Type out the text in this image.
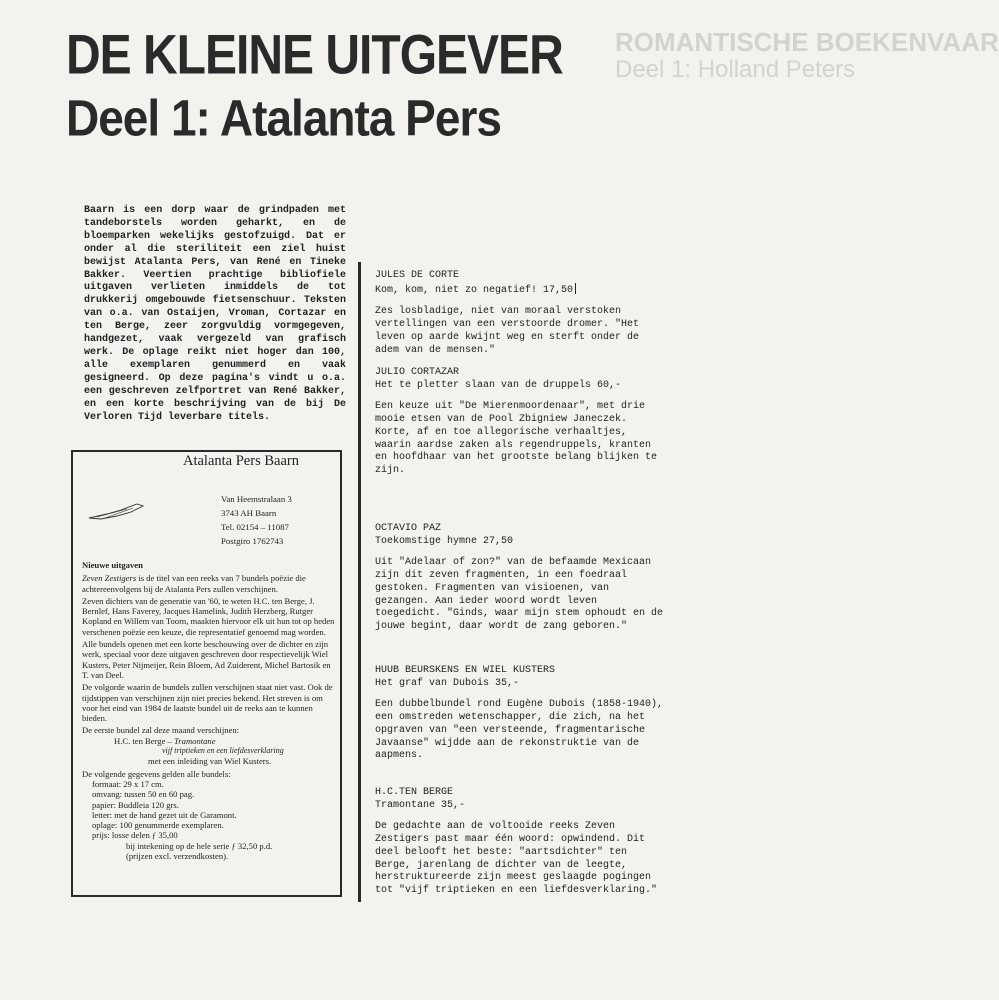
ROMANTISCHE BOEKENVAAR
Deel 1: Holland Peters
DE KLEINE UITGEVER
Deel 1: Atalanta Pers

Baarn is een dorp waar de grindpaden met tandeborstels worden geharkt, en de bloemparken wekelijks gestofzuigd. Dat er onder al die steriliteit een ziel huist bewijst Atalanta Pers, van René en Tineke Bakker. Veertien prachtige bibliofiele uitgaven verlieten inmiddels de tot drukkerij omgebouwde fietsenschuur. Teksten van o.a. van Ostaijen, Vroman, Cortazar en ten Berge, zeer zorgvuldig vormgegeven, handgezet, vaak vergezeld van grafisch werk. De oplage reikt niet hoger dan 100, alle exemplaren genummerd en vaak gesigneerd. Op deze pagina's vindt u o.a. een geschreven zelfportret van René Bakker, en een korte beschrijving van de bij De Verloren Tijd leverbare titels.

Atalanta Pers Baarn
Van Heemstralaan 3
3743 AH Baarn
Tel. 02154 – 11087
Postgiro 1762743

Nieuwe uitgaven

Zeven Zestigers is de titel van een reeks van 7 bundels poëzie die achtereenvolgens bij de Atalanta Pers zullen verschijnen.

Zeven dichters van de generatie van '60, te weten H.C. ten Berge, J. Bernlef, Hans Faverey, Jacques Hamelink, Judith Herzberg, Rutger Kopland en Willem van Toorn, maakten hiervoor elk uit hun tot op heden verschenen poëzie een keuze, die representatief genoemd mag worden.

Alle bundels openen met een korte beschouwing over de dichter en zijn werk, speciaal voor deze uitgaven geschreven door respectievelijk Wiel Kusters, Peter Nijmeijer, Rein Bloem, Ad Zuiderent, Michel Bartosik en T. van Deel.

De volgorde waarin de bundels zullen verschijnen staat niet vast. Ook de tijdstippen van verschijnen zijn niet precies bekend. Het streven is om voor het eind van 1984 de laatste bundel uit de reeks aan te kunnen bieden.

De eerste bundel zal deze maand verschijnen:

H.C. ten Berge – Tramontane

vijf triptieken en een liefdesverklaring

met een inleiding van Wiel Kusters.

De volgende gegevens gelden alle bundels:

formaat: 29 x 17 cm.
omvang: tussen 50 en 60 pag.
papier: Buddleia 120 grs.
letter: met de hand gezet uit de Garamont.
oplage: 100 genummerde exemplaren.
prijs: losse delen ƒ 35,00
bij intekening op de hele serie ƒ 32,50 p.d.
(prijzen excl. verzendkosten).

JULES DE CORTE

Kom, kom, niet zo negatief! 17,50

Zes losbladige, niet van moraal verstoken vertellingen van een verstoorde dromer. "Het leven op aarde kwijnt weg en sterft onder de adem van de mensen."

JULIO CORTAZAR

Het te pletter slaan van de druppels 60,-

Een keuze uit "De Mierenmoordenaar", met drie mooie etsen van de Pool Zbigniew Janeczek. Korte, af en toe allegorische verhaaltjes, waarin aardse zaken als regendruppels, kranten en hoofdhaar van het grootste belang blijken te zijn.

OCTAVIO PAZ

Toekomstige hymne 27,50

Uit "Adelaar of zon?" van de befaamde Mexicaan zijn dit zeven fragmenten, in een foedraal gestoken. Fragmenten van visioenen, van gezangen. Aan ieder woord wordt leven toegedicht. "Ginds, waar mijn stem ophoudt en de jouwe begint, daar wordt de zang geboren."

HUUB BEURSKENS EN WIEL KUSTERS

Het graf van Dubois 35,-

Een dubbelbundel rond Eugène Dubois (1858-1940), een omstreden wetenschapper, die zich, na het opgraven van "een versteende, fragmentarische Javaanse" wijdde aan de rekonstruktie van de aapmens.

H.C.TEN BERGE

Tramontane 35,-

De gedachte aan de voltooide reeks Zeven Zestigers past maar één woord: opwindend. Dit deel belooft het beste: "aartsdichter" ten Berge, jarenlang de dichter van de leegte, herstruktureerde zijn meest geslaagde pogingen tot "vijf triptieken en een liefdesverklaring."
